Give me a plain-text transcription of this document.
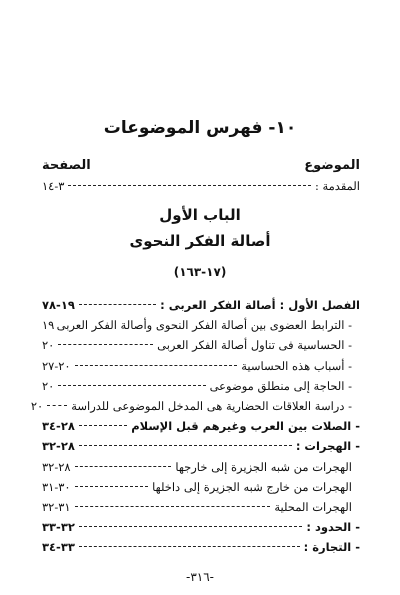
١٠- فهرس الموضوعات
الموضوع
الصفحة
المقدمة :
٣-١٤
الباب الأول
أصالة الفكر النحوى
(١٧-١٦٣)
الفصل الأول : أصالة الفكر العربى :
١٩-٧٨
- الترابط العضوى بين أصالة الفكر النحوى وأصالة الفكر العربى
١٩
- الحساسية فى تناول أصالة الفكر العربى
٢٠
- أسباب هذه الحساسية
٢٠-٢٧
- الحاجة إلى منطلق موضوعى
٢٠
- دراسة العلاقات الحضارية هى المدخل الموضوعى للدراسة
٢٠
- الصلات بين العرب وغيرهم قبل الإسلام
٢٨-٣٤
- الهجرات :
٢٨-٣٢
الهجرات من شبه الجزيرة إلى خارجها
٢٨-٣٢
الهجرات من خارج شبه الجزيرة إلى داخلها
٣٠-٣١
الهجرات المحلية
٣١-٣٢
- الحدود :
٣٢-٣٣
- التجارة :
٣٣-٣٤
-٣١٦-
